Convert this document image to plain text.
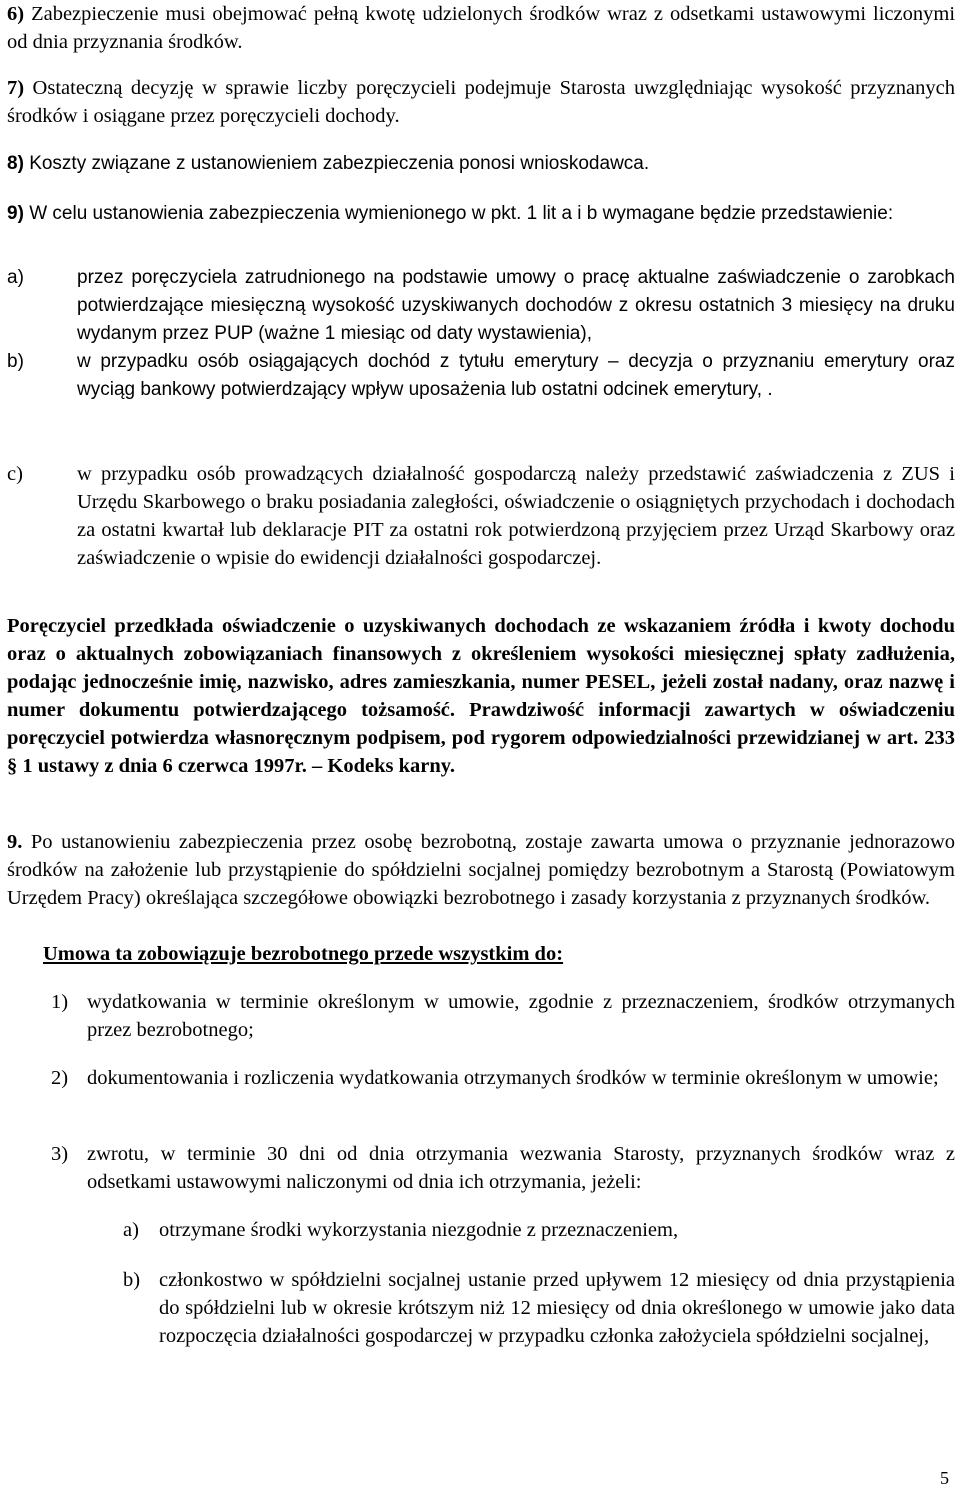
6) Zabezpieczenie musi obejmować pełną kwotę udzielonych środków wraz z odsetkami ustawowymi liczonymi od dnia przyznania środków.

7) Ostateczną decyzję w sprawie liczby poręczycieli podejmuje Starosta uwzględniając wysokość przyznanych środków i osiągane przez poręczycieli dochody.

8) Koszty związane z ustanowieniem zabezpieczenia ponosi wnioskodawca.

9) W celu ustanowienia zabezpieczenia wymienionego w pkt. 1 lit a i b wymagane będzie przedstawienie:

a)	przez poręczyciela zatrudnionego na podstawie umowy o pracę aktualne zaświadczenie o zarobkach potwierdzające miesięczną wysokość uzyskiwanych dochodów z okresu ostatnich 3 miesięcy na druku wydanym przez PUP (ważne 1 miesiąc od daty wystawienia),

b)	w przypadku osób osiągających dochód z tytułu emerytury – decyzja o przyznaniu emerytury oraz wyciąg bankowy potwierdzający wpływ uposażenia lub ostatni odcinek emerytury, .

c)	w przypadku osób prowadzących działalność gospodarczą należy przedstawić zaświadczenia z ZUS i Urzędu Skarbowego o braku posiadania zaległości, oświadczenie o osiągniętych przychodach i dochodach za ostatni kwartał lub deklaracje PIT za ostatni rok potwierdzoną przyjęciem przez Urząd Skarbowy oraz zaświadczenie o wpisie do ewidencji działalności gospodarczej.

Poręczyciel przedkłada oświadczenie o uzyskiwanych dochodach ze wskazaniem źródła i kwoty dochodu oraz o aktualnych zobowiązaniach finansowych z określeniem wysokości miesięcznej spłaty zadłużenia, podając jednocześnie imię, nazwisko, adres zamieszkania, numer PESEL, jeżeli został nadany, oraz nazwę i numer dokumentu potwierdzającego tożsamość. Prawdziwość informacji zawartych w oświadczeniu poręczyciel potwierdza własnoręcznym podpisem, pod rygorem odpowiedzialności przewidzianej w art. 233 § 1 ustawy z dnia 6 czerwca 1997r. – Kodeks karny.

9. Po ustanowieniu zabezpieczenia przez osobę bezrobotną, zostaje zawarta umowa o przyznanie jednorazowo środków na założenie lub przystąpienie do spółdzielni socjalnej pomiędzy bezrobotnym a Starostą (Powiatowym Urzędem Pracy) określająca szczegółowe obowiązki bezrobotnego i zasady korzystania z przyznanych środków.

Umowa ta zobowiązuje bezrobotnego przede wszystkim do:

1) wydatkowania w terminie określonym w umowie, zgodnie z przeznaczeniem, środków otrzymanych przez bezrobotnego;

2) dokumentowania i rozliczenia wydatkowania otrzymanych środków w terminie określonym w umowie;

3) zwrotu, w terminie 30 dni od dnia otrzymania wezwania Starosty, przyznanych środków wraz z odsetkami ustawowymi naliczonymi od dnia ich otrzymania, jeżeli:

a) otrzymane środki wykorzystania niezgodnie z przeznaczeniem,

b) członkostwo w spółdzielni socjalnej ustanie przed upływem 12 miesięcy od dnia przystąpienia do spółdzielni lub w okresie krótszym niż 12 miesięcy od dnia określonego w umowie jako data rozpoczęcia działalności gospodarczej w przypadku członka założyciela spółdzielni socjalnej,

5
